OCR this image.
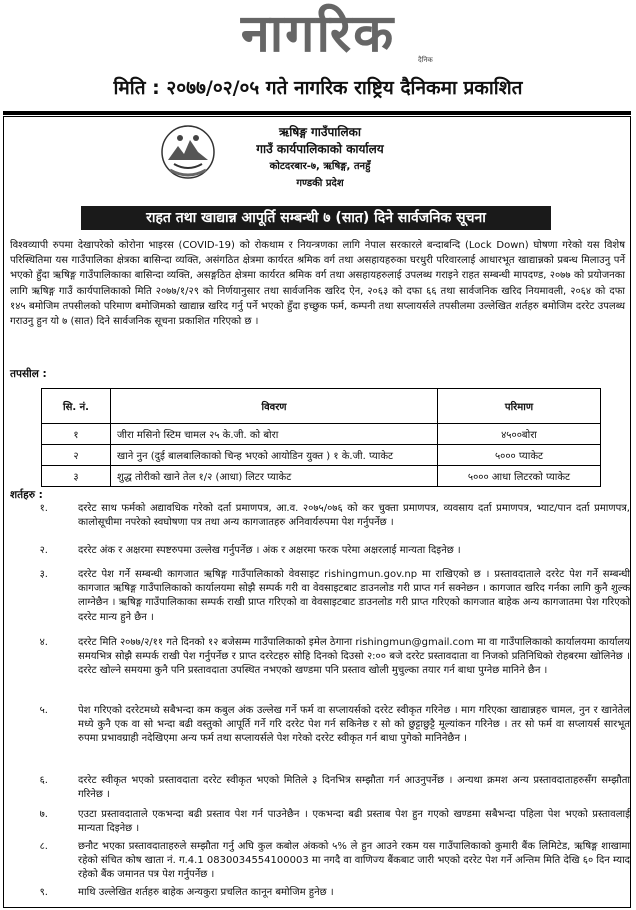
नागरिक	दैनिक
मिति : २०७७/०२/०५ गते नागरिक राष्ट्रिय दैनिकमा प्रकाशित
ऋषिङ्ग गाउँपालिका
गाउँ कार्यपालिकाको कार्यालय
कोटदरबार-७, ऋषिङ्ग, तनहुँ
गण्डकी प्रदेश
राहत तथा खाद्यान्न आपूर्ति सम्बन्धी ७ (सात) दिने सार्वजनिक सूचना
विश्वव्यापी रुपमा देखापरेको कोरोना भाइरस (COVID-19) को रोकथाम र नियन्त्रणका लागि नेपाल सरकारले बन्दाबन्दि (Lock Down) घोषणा गरेको यस विशेष परिस्थितिमा यस गाउँपालिका क्षेत्रका बासिन्दा व्यक्ति, असंगठित क्षेत्रमा कार्यरत श्रमिक वर्ग तथा असहायहरुका घरधुरी परिवारलाई आधारभूत खाद्यान्नको प्रबन्ध मिलाउनु पर्ने भएको हुँदा ऋषिङ्ग गाउँपालिकाका बासिन्दा व्यक्ति, असङ्गठित क्षेत्रमा कार्यरत श्रमिक वर्ग तथा असहायहरुलाई उपलब्ध गराइने राहत सम्बन्धी मापदण्ड, २०७७ को प्रयोजनका लागि ऋषिङ्ग गाउँ कार्यपालिकाको मिति २०७७/१/२९ को निर्णयानुसार तथा सार्वजनिक खरिद ऐन, २०६३ को दफा ६६ तथा सार्वजनिक खरिद नियमावली, २०६४ को दफा १४५ बमोजिम तपसीलको परिमाण बमोजिमको खाद्यान्न खरिद गर्नु पर्ने भएको हुँदा इच्छुक फर्म, कम्पनी तथा सप्लायर्सले तपसीलमा उल्लेखित शर्तहरु बमोजिम दररेट उपलब्ध गराउनु हुन यो ७ (सात) दिने सार्वजनिक सूचना प्रकाशित गरिएको छ ।
तपसील :
सि. नं.	विवरण	परिमाण
१	जीरा मसिनो स्टिम चामल २५ के.जी. को बोरा	४५००बोरा
२	खाने नुन (दुई बालबालिकाको चिन्ह भएको आयोडिन युक्त ) १ के.जी. प्याकेट	५००० प्याकेट
३	शुद्ध तोरीको खाने तेल १/२ (आधा) लिटर प्याकेट	५००० आधा लिटरको प्याकेट
शर्तहरु :
१.	दररेट साथ फर्मको अद्यावधिक गरेको दर्ता प्रमाणपत्र, आ.व. २०७५/०७६ को कर चुक्ता प्रमाणपत्र, व्यवसाय दर्ता प्रमाणपत्र, भ्याट/पान दर्ता प्रमाणपत्र, कालोसूचीमा नपरेको स्वघोषणा पत्र तथा अन्य कागजातहरु अनिवार्यरुपमा पेश गर्नुपर्नेछ ।
२.	दररेट अंक र अक्षरमा स्पष्टरुपमा उल्लेख गर्नुपर्नेछ । अंक र अक्षरमा फरक परेमा अक्षरलाई मान्यता दिइनेछ ।
३.	दररेट पेश गर्ने सम्बन्धी कागजात ऋषिङ्ग गाउँपालिकाको वेवसाइट rishingmun.gov.np मा राखिएको छ । प्रस्तावदाताले दररेट पेश गर्ने सम्बन्धी कागजात ऋषिङ्ग गाउँपालिकाको कार्यालयमा सोझै सम्पर्क गरी वा वेवसाइटबाट डाउनलोड गरी प्राप्त गर्न सक्नेछन । कागजात खरिद गर्नका लागि कुनै शुल्क लाग्नेछैन । ऋषिङ्ग गाउँपालिकाका सम्पर्क राखी प्राप्त गरिएको वा वेवसाइटबाट डाउनलोड गरी प्राप्त गरिएको कागजात बाहेक अन्य कागजातमा पेश गरिएको दररेट मान्य हुने छैन ।
४.	दररेट मिति २०७७/२/११ गते दिनको १२ बजेसम्म गाउँपालिकाको इमेल ठेगाना rishingmun@gmail.com मा वा गाउँपालिकाको कार्यालयमा कार्यालय समयभित्र सोझै सम्पर्क राखी पेश गर्नुपर्नेछ र प्राप्त दररेटहरु सोहि दिनको दिउसो २:०० बजे दररेट प्रस्तावदाता वा निजको प्रतिनिधिको रोहबरमा खोलिनेछ । दररेट खोल्ने समयमा कुनै पनि प्रस्तावदाता उपस्थित नभएको खण्डमा पनि प्रस्ताव खोली मुचुल्का तयार गर्न बाधा पुग्नेछ मानिने छैन ।
५.	पेश गरिएको दररेटमध्ये सबैभन्दा कम कबुल अंक उल्लेख गर्ने फर्म वा सप्लायर्सको दररेट स्वीकृत गरिनेछ । माग गरिएका खाद्यान्नहरु चामल, नुन र खानेतेल मध्ये कुनै एक वा सो भन्दा बढी वस्तुको आपूर्ति गर्ने गरि दररेट पेश गर्न सकिनेछ र सो को छुट्टाछुट्टै मूल्यांकन गरिनेछ । तर सो फर्म वा सप्लायर्स सारभूत रुपमा प्रभावग्राही नदेखिएमा अन्य फर्म तथा सप्लायर्सले पेश गरेको दररेट स्वीकृत गर्न बाधा पुगेको मानिनेछैन ।
६.	दररेट स्वीकृत भएको प्रस्तावदाता दररेट स्वीकृत भएको मितिले ३ दिनभित्र सम्झौता गर्न आउनुपर्नेछ । अन्यथा क्रमश अन्य प्रस्तावदाताहरुसँग सम्झौता गरिनेछ ।
७.	एउटा प्रस्तावदाताले एकभन्दा बढी प्रस्ताव पेश गर्न पाउनेछैन । एकभन्दा बढी प्रस्ताब पेश हुन गएको खण्डमा सबैभन्दा पहिला पेश भएको प्रस्तावलाई मान्यता दिइनेछ ।
८.	छनौट भएका प्रस्तावदाताहरुले सम्झौता गर्नु अघि कुल कबोल अंकको ५% ले हुन आउने रकम यस गाउँपालिकाको कुमारी बैंक लिमिटेड, ऋषिङ्ग शाखामा रहेको संचित कोष खाता नं. ग.4.1 0830034554100003 मा नगदै वा वाणिज्य बैंकबाट जारी भएको दररेट पेश गर्ने अन्तिम मिति देखि ६० दिन म्याद रहेको बैंक जमानत पत्र पेश गर्नुपर्नेछ ।
९.	माथि उल्लेखित शर्तहरु बाहेक अन्यकुरा प्रचलित कानून बमोजिम हुनेछ ।
